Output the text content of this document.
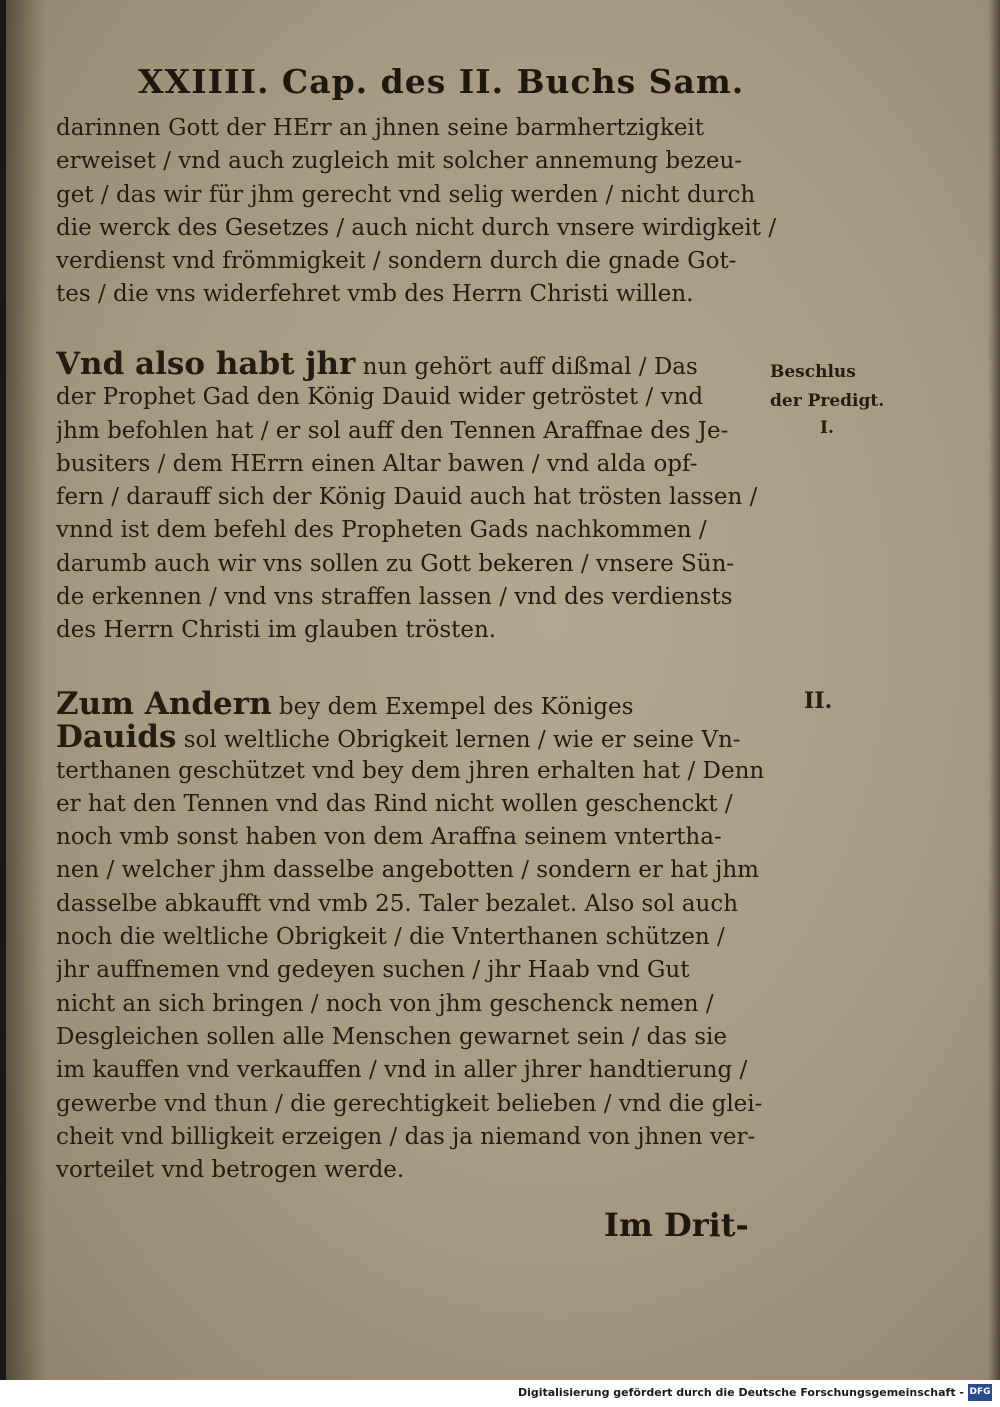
XXIIII. Cap. des II. Buchs Sam.
darinnen Gott der HErr an jhnen seine barmhertzigkeit
erweiset / vnd auch zugleich mit solcher annemung bezeu-
get / das wir für jhm gerecht vnd selig werden / nicht durch
die werck des Gesetzes / auch nicht durch vnsere wirdigkeit /
verdienst vnd frömmigkeit / sondern durch die gnade Got-
tes / die vns widerfehret vmb des Herrn Christi willen.
Vnd also habt jhr nun gehört auff dißmal / Das
der Prophet Gad den König Dauid wider getröstet / vnd
jhm befohlen hat / er sol auff den Tennen Araffnae des Je-
busiters / dem HErrn einen Altar bawen / vnd alda opf-
fern / darauff sich der König Dauid auch hat trösten lassen /
vnnd ist dem befehl des Propheten Gads nachkommen /
darumb auch wir vns sollen zu Gott bekeren / vnsere Sün-
de erkennen / vnd vns straffen lassen / vnd des verdiensts
des Herrn Christi im glauben trösten.
Zum Andern bey dem Exempel des Königes
Dauids sol weltliche Obrigkeit lernen / wie er seine Vn-
terthanen geschützet vnd bey dem jhren erhalten hat / Denn
er hat den Tennen vnd das Rind nicht wollen geschenckt /
noch vmb sonst haben von dem Araffna seinem vntertha-
nen / welcher jhm dasselbe angebotten / sondern er hat jhm
dasselbe abkaufft vnd vmb 25. Taler bezalet. Also sol auch
noch die weltliche Obrigkeit / die Vnterthanen schützen /
jhr auffnemen vnd gedeyen suchen / jhr Haab vnd Gut
nicht an sich bringen / noch von jhm geschenck nemen /
Desgleichen sollen alle Menschen gewarnet sein / das sie
im kauffen vnd verkauffen / vnd in aller jhrer handtierung /
gewerbe vnd thun / die gerechtigkeit belieben / vnd die glei-
cheit vnd billigkeit erzeigen / das ja niemand von jhnen ver-
vorteilet vnd betrogen werde.
Beschlus
der Predigt.
I.
II.
Im Drit-
Digitalisierung gefördert durch die Deutsche Forschungsgemeinschaft - DFG
